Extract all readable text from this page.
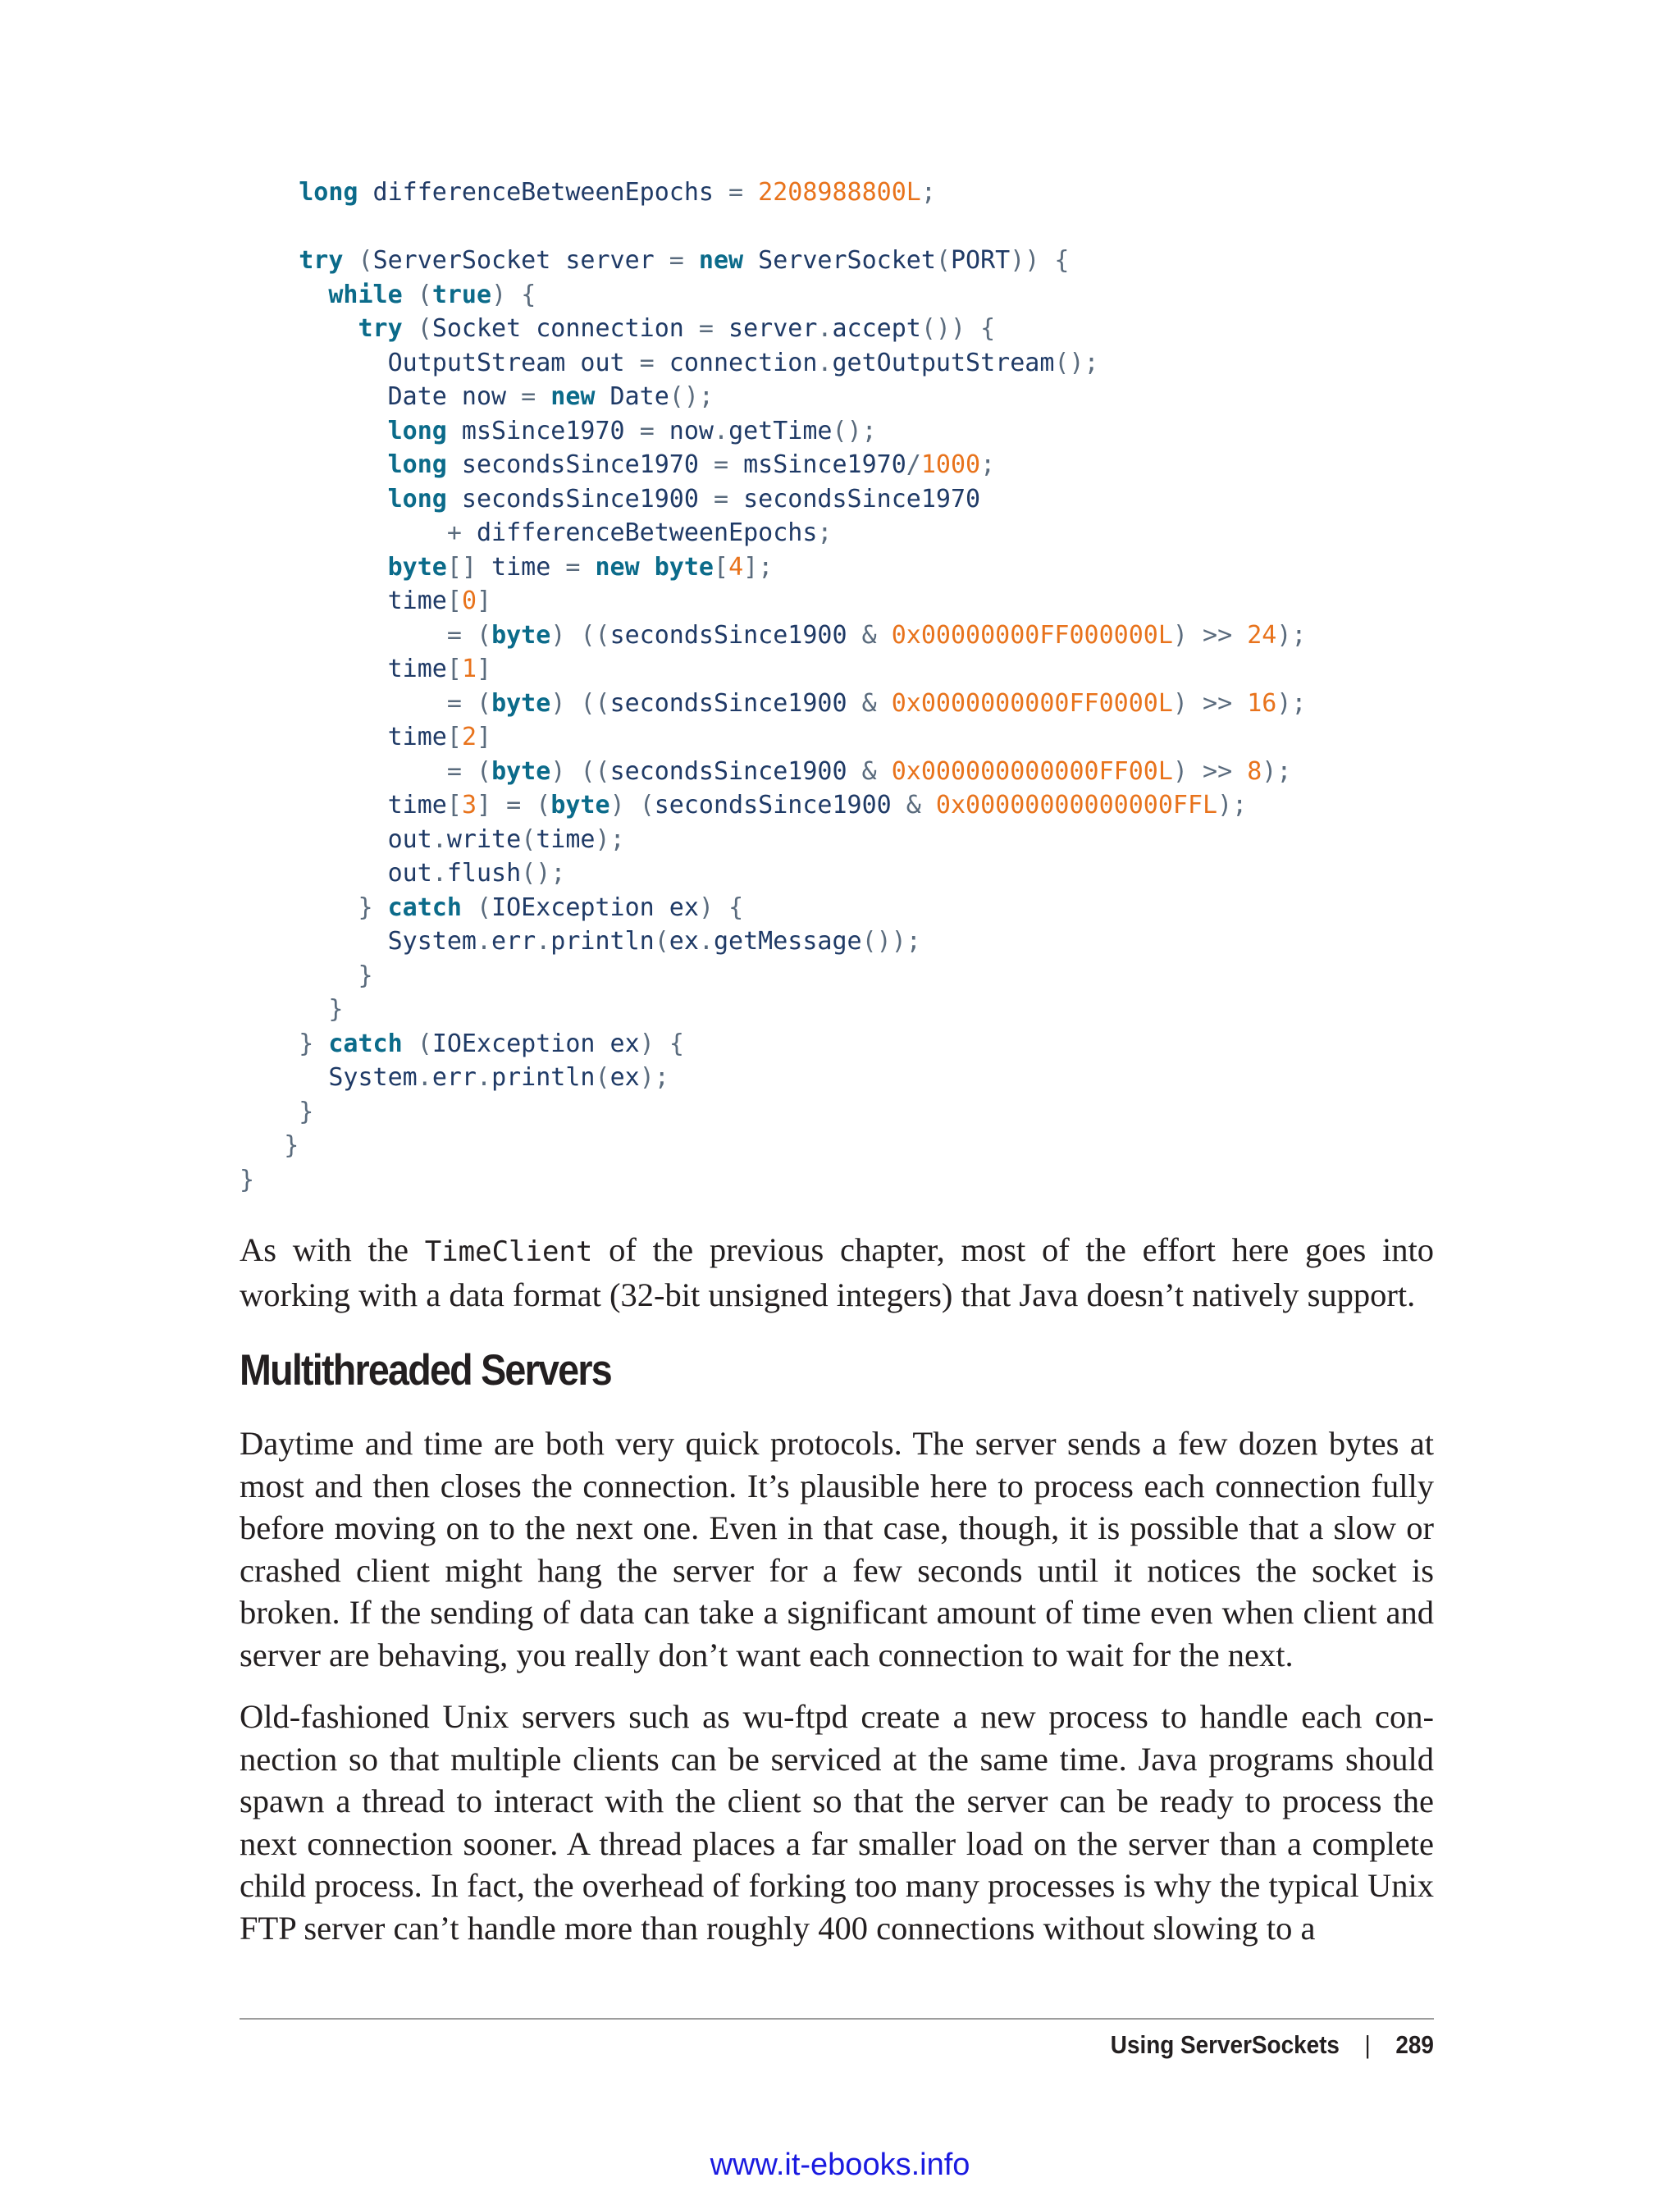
long differenceBetweenEpochs = 2208988800L;
try (ServerSocket server = new ServerSocket(PORT)) {
while (true) {
try (Socket connection = server.accept()) {
OutputStream out = connection.getOutputStream();
Date now = new Date();
long msSince1970 = now.getTime();
long secondsSince1970 = msSince1970/1000;
long secondsSince1900 = secondsSince1970
+ differenceBetweenEpochs;
byte[] time = new byte[4];
time[0]
= (byte) ((secondsSince1900 & 0x00000000FF000000L) >> 24);
time[1]
= (byte) ((secondsSince1900 & 0x0000000000FF0000L) >> 16);
time[2]
= (byte) ((secondsSince1900 & 0x000000000000FF00L) >> 8);
time[3] = (byte) (secondsSince1900 & 0x00000000000000FFL);
out.write(time);
out.flush();
} catch (IOException ex) {
System.err.println(ex.getMessage());
}
}
} catch (IOException ex) {
System.err.println(ex);
}
}
}

As with the TimeClient of the previous chapter, most of the effort here goes into working with a data format (32-bit unsigned integers) that Java doesn’t natively support.

Multithreaded Servers

Daytime and time are both very quick protocols. The server sends a few dozen bytes at most and then closes the connection. It’s plausible here to process each connection fully before moving on to the next one. Even in that case, though, it is possible that a slow or crashed client might hang the server for a few seconds until it notices the socket is broken. If the sending of data can take a significant amount of time even when client and server are behaving, you really don’t want each connection to wait for the next.

Old-fashioned Unix servers such as wu-ftpd create a new process to handle each connection so that multiple clients can be serviced at the same time. Java programs should spawn a thread to interact with the client so that the server can be ready to process the next connection sooner. A thread places a far smaller load on the server than a complete child process. In fact, the overhead of forking too many processes is why the typical Unix FTP server can’t handle more than roughly 400 connections without slowing to a

Using ServerSockets | 289
www.it-ebooks.info
